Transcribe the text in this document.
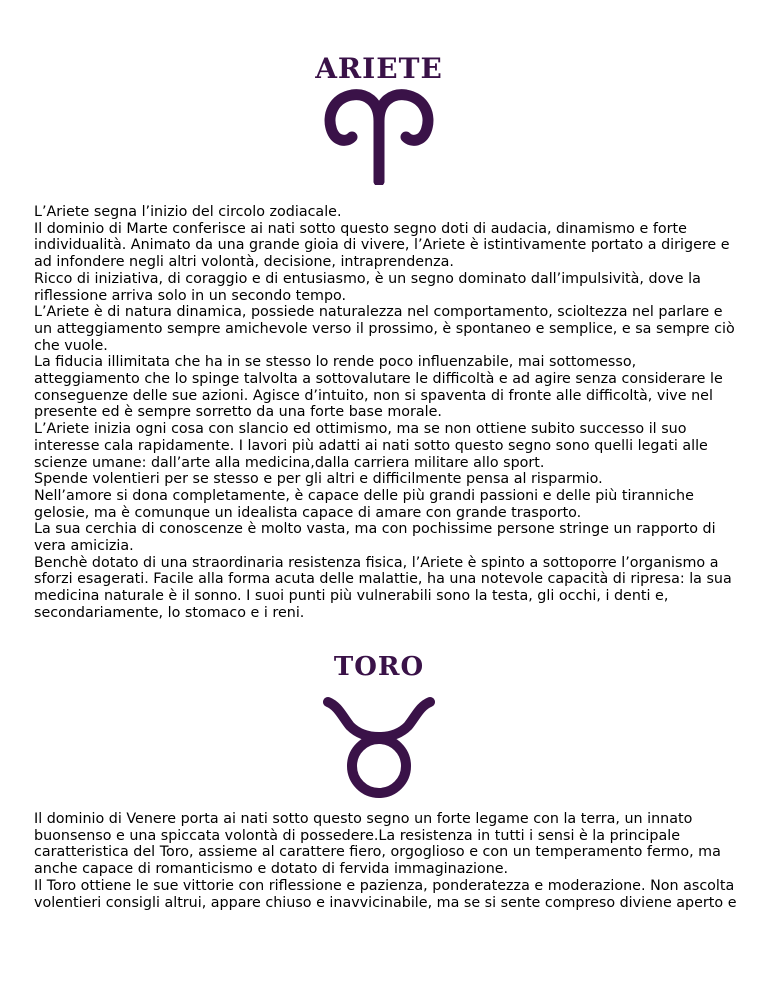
ARIETE

L’Ariete segna l’inizio del circolo zodiacale.

Il dominio di Marte conferisce ai nati sotto questo segno doti di audacia, dinamismo e forte individualità. Animato da una grande gioia di vivere, l’Ariete è istintivamente portato a dirigere e ad infondere negli altri volontà, decisione, intraprendenza.

Ricco di iniziativa, di coraggio e di entusiasmo, è un segno dominato dall’impulsività, dove la riflessione arriva solo in un secondo tempo.

L’Ariete è di natura dinamica, possiede naturalezza nel comportamento, scioltezza nel parlare e un atteggiamento sempre amichevole verso il prossimo, è spontaneo e semplice, e sa sempre ciò che vuole.

La fiducia illimitata che ha in se stesso lo rende poco influenzabile, mai sottomesso, atteggiamento che lo spinge talvolta a sottovalutare le difficoltà e ad agire senza considerare le conseguenze delle sue azioni. Agisce d’intuito, non si spaventa di fronte alle difficoltà, vive nel presente ed è sempre sorretto da una forte base morale.

L’Ariete inizia ogni cosa con slancio ed ottimismo, ma se non ottiene subito successo il suo interesse cala rapidamente. I lavori più adatti ai nati sotto questo segno sono quelli legati alle scienze umane: dall’arte alla medicina,dalla carriera militare allo sport.

Spende volentieri per se stesso e per gli altri e difficilmente pensa al risparmio.

Nell’amore si dona completamente, è capace delle più grandi passioni e delle più tiranniche gelosie, ma è comunque un idealista capace di amare con grande trasporto.

La sua cerchia di conoscenze è molto vasta, ma con pochissime persone stringe un rapporto di vera amicizia.

Benchè dotato di una straordinaria resistenza fisica, l’Ariete è spinto a sottoporre l’organismo a sforzi esagerati. Facile alla forma acuta delle malattie, ha una notevole capacità di ripresa: la sua medicina naturale è il sonno. I suoi punti più vulnerabili sono la testa, gli occhi, i denti e, secondariamente, lo stomaco e i reni.

TORO

Il dominio di Venere porta ai nati sotto questo segno un forte legame con la terra, un innato buonsenso e una spiccata volontà di possedere.La resistenza in tutti i sensi è la principale caratteristica del Toro, assieme al carattere fiero, orgoglioso e con un temperamento fermo, ma anche capace di romanticismo e dotato di fervida immaginazione.

Il Toro ottiene le sue vittorie con riflessione e pazienza, ponderatezza e moderazione. Non ascolta volentieri consigli altrui, appare chiuso e inavvicinabile, ma se si sente compreso diviene aperto e
